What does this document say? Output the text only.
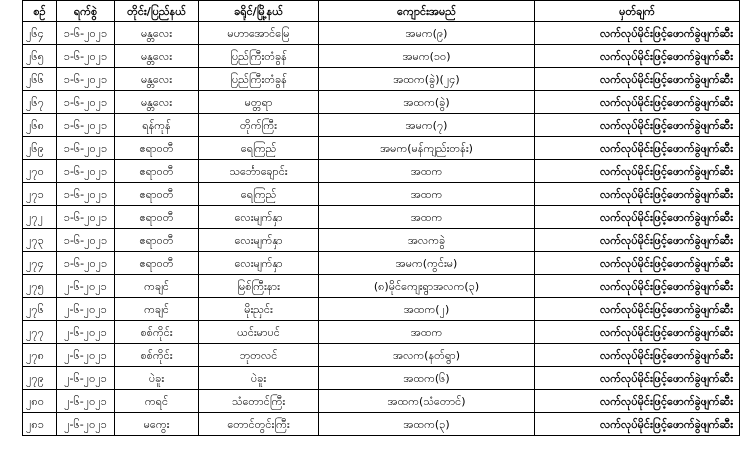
စဉ်	ရက်စွဲ	တိုင်း/ပြည်နယ်	ခရိုင်/မြို့နယ်	ကျောင်းအမည်	မှတ်ချက်
၂၆၄	၁-၆-၂၀၂၁	မန္တလေး	မဟာအောင်မြေ	အမက(၉)	လက်လုပ်မိုင်းဖြင့်ဖောက်ခွဲဖျက်ဆီး
၂၆၅	၁-၆-၂၀၂၁	မန္တလေး	ပြည်ကြီးတံခွန်	အမက(၁၀)	လက်လုပ်မိုင်းဖြင့်ဖောက်ခွဲဖျက်ဆီး
၂၆၆	၁-၆-၂၀၂၁	မန္တလေး	ပြည်ကြီးတံခွန်	အထက(ခွဲ)(၂၄)	လက်လုပ်မိုင်းဖြင့်ဖောက်ခွဲဖျက်ဆီး
၂၆၇	၁-၆-၂၀၂၁	မန္တလေး	မတ္တရာ	အထက(ခွဲ)	လက်လုပ်မိုင်းဖြင့်ဖောက်ခွဲဖျက်ဆီး
၂၆၈	၁-၆-၂၀၂၁	ရန်ကုန်	တိုက်ကြီး	အမက(၇)	လက်လုပ်မိုင်းဖြင့်ဖောက်ခွဲဖျက်ဆီး
၂၆၉	၁-၆-၂၀၂၁	ဧရာဝတီ	ရေကြည်	အမက(မန်ကျည်းတန်း)	လက်လုပ်မိုင်းဖြင့်ဖောက်ခွဲဖျက်ဆီး
၂၇၀	၁-၆-၂၀၂၁	ဧရာဝတီ	သင်္ဘောချောင်း	အထက	လက်လုပ်မိုင်းဖြင့်ဖောက်ခွဲဖျက်ဆီး
၂၇၁	၁-၆-၂၀၂၁	ဧရာဝတီ	ရေကြည်	အထက	လက်လုပ်မိုင်းဖြင့်ဖောက်ခွဲဖျက်ဆီး
၂၇၂	၁-၆-၂၀၂၁	ဧရာဝတီ	လေးမျက်နှာ	အထက	လက်လုပ်မိုင်းဖြင့်ဖောက်ခွဲဖျက်ဆီး
၂၇၃	၁-၆-၂၀၂၁	ဧရာဝတီ	လေးမျက်နှာ	အလကခွဲ	လက်လုပ်မိုင်းဖြင့်ဖောက်ခွဲဖျက်ဆီး
၂၇၄	၁-၆-၂၀၂၁	ဧရာဝတီ	လေးမျက်နှာ	အမက(ကွင်းမ)	လက်လုပ်မိုင်းဖြင့်ဖောက်ခွဲဖျက်ဆီး
၂၇၅	၂-၆-၂၀၂၁	ကချင်	မြစ်ကြီးနား	(၈)မိုင်ကျေးရွာအလက(၃)	လက်လုပ်မိုင်းဖြင့်ဖောက်ခွဲဖျက်ဆီး
၂၇၆	၂-၆-၂၀၂၁	ကချင်	မိုးညှင်း	အထက(၂)	လက်လုပ်မိုင်းဖြင့်ဖောက်ခွဲဖျက်ဆီး
၂၇၇	၂-၆-၂၀၂၁	စစ်ကိုင်း	ယင်းမာပင်	အထက	လက်လုပ်မိုင်းဖြင့်ဖောက်ခွဲဖျက်ဆီး
၂၇၈	၂-၆-၂၀၂၁	စစ်ကိုင်း	ဘုတလင်	အလက(နတ်ရွာ)	လက်လုပ်မိုင်းဖြင့်ဖောက်ခွဲဖျက်ဆီး
၂၇၉	၂-၆-၂၀၂၁	ပဲခူး	ပဲခူး	အထက(၆)	လက်လုပ်မိုင်းဖြင့်ဖောက်ခွဲဖျက်ဆီး
၂၈၀	၂-၆-၂၀၂၁	ကရင်	သံတောင်ကြီး	အထက(သံတောင်)	လက်လုပ်မိုင်းဖြင့်ဖောက်ခွဲဖျက်ဆီး
၂၈၁	၂-၆-၂၀၂၁	မကွေး	တောင်တွင်းကြီး	အထက(၃)	လက်လုပ်မိုင်းဖြင့်ဖောက်ခွဲဖျက်ဆီး
